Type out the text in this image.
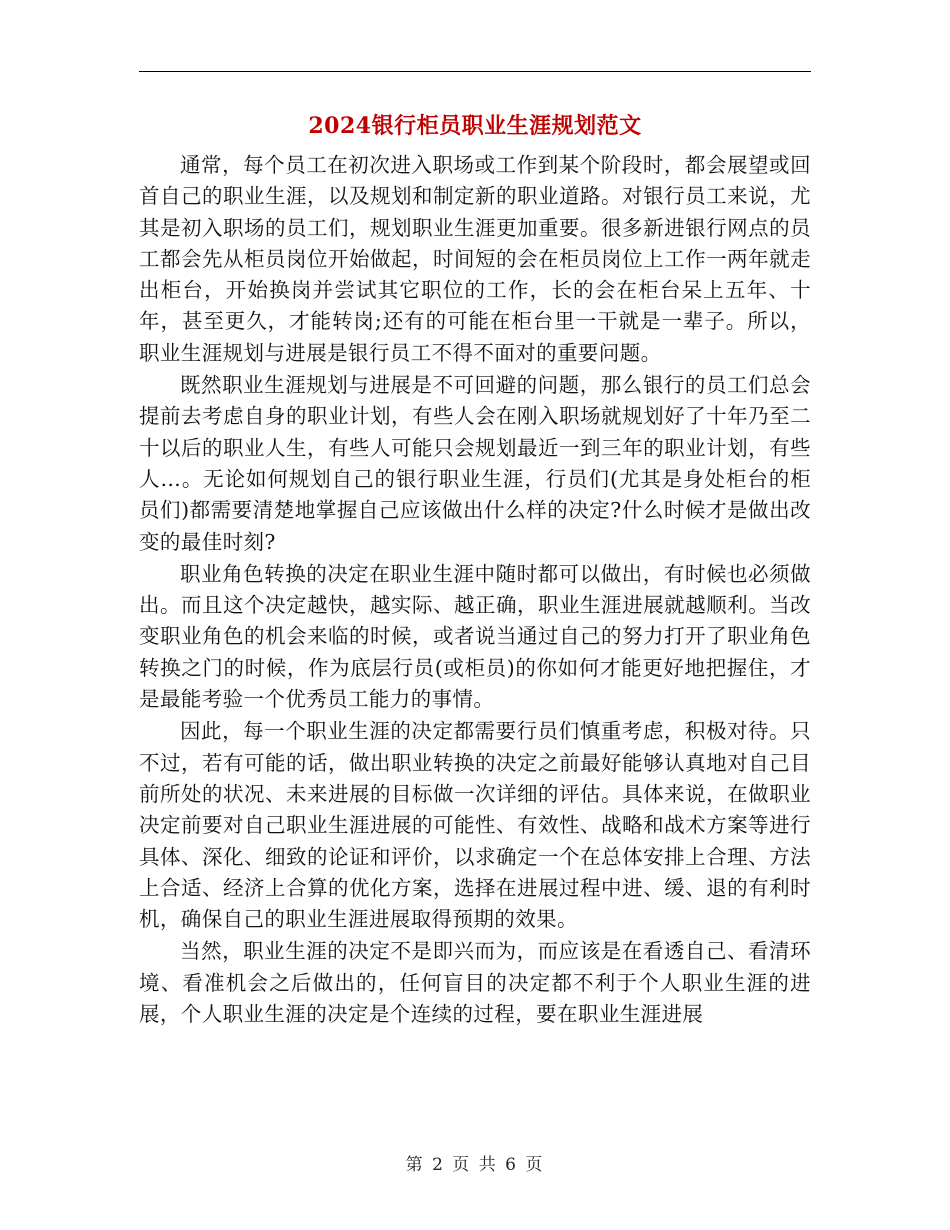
2024银行柜员职业生涯规划范文

通常，每个员工在初次进入职场或工作到某个阶段时，都会展望或回首自己的职业生涯，以及规划和制定新的职业道路。对银行员工来说，尤其是初入职场的员工们，规划职业生涯更加重要。很多新进银行网点的员工都会先从柜员岗位开始做起，时间短的会在柜员岗位上工作一两年就走出柜台，开始换岗并尝试其它职位的工作，长的会在柜台呆上五年、十年，甚至更久，才能转岗;还有的可能在柜台里一干就是一辈子。所以，职业生涯规划与进展是银行员工不得不面对的重要问题。

既然职业生涯规划与进展是不可回避的问题，那么银行的员工们总会提前去考虑自身的职业计划，有些人会在刚入职场就规划好了十年乃至二十以后的职业人生，有些人可能只会规划最近一到三年的职业计划，有些人…。无论如何规划自己的银行职业生涯，行员们(尤其是身处柜台的柜员们)都需要清楚地掌握自己应该做出什么样的决定?什么时候才是做出改变的最佳时刻?

职业角色转换的决定在职业生涯中随时都可以做出，有时候也必须做出。而且这个决定越快，越实际、越正确，职业生涯进展就越顺利。当改变职业角色的机会来临的时候，或者说当通过自己的努力打开了职业角色转换之门的时候，作为底层行员(或柜员)的你如何才能更好地把握住，才是最能考验一个优秀员工能力的事情。

因此，每一个职业生涯的决定都需要行员们慎重考虑，积极对待。只不过，若有可能的话，做出职业转换的决定之前最好能够认真地对自己目前所处的状况、未来进展的目标做一次详细的评估。具体来说，在做职业决定前要对自己职业生涯进展的可能性、有效性、战略和战术方案等进行具体、深化、细致的论证和评价，以求确定一个在总体安排上合理、方法上合适、经济上合算的优化方案，选择在进展过程中进、缓、退的有利时机，确保自己的职业生涯进展取得预期的效果。

当然，职业生涯的决定不是即兴而为，而应该是在看透自己、看清环境、看准机会之后做出的，任何盲目的决定都不利于个人职业生涯的进展，个人职业生涯的决定是个连续的过程，要在职业生涯进展

第 2 页 共 6 页
